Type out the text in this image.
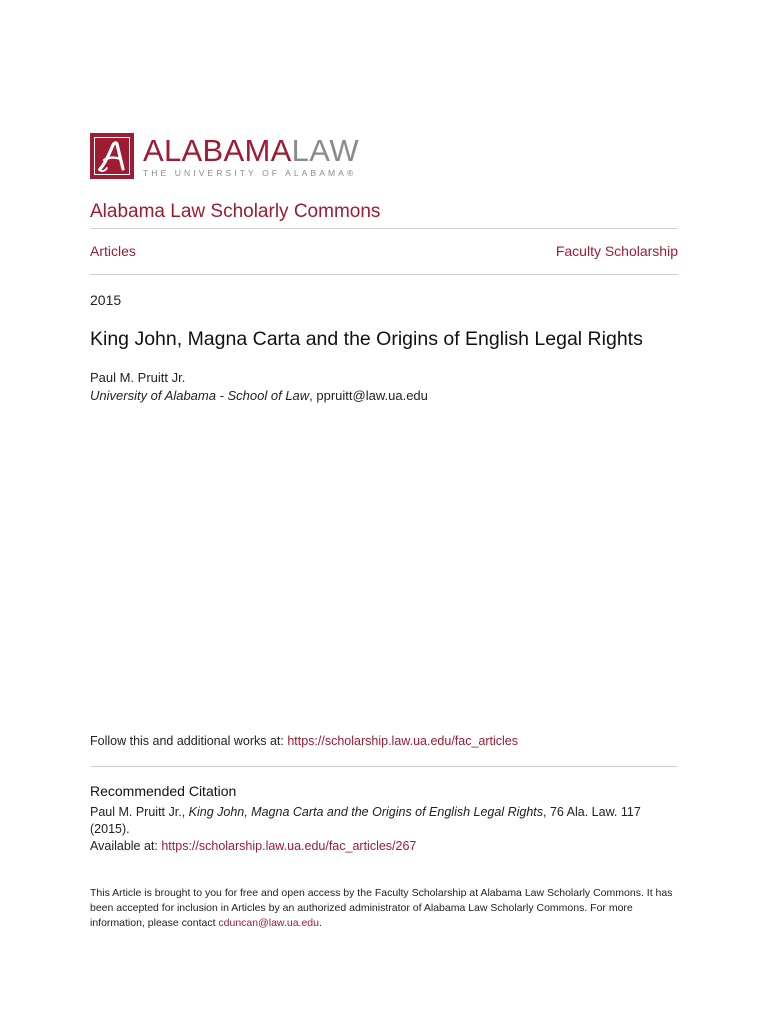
ALABAMALAW
THE UNIVERSITY OF ALABAMA®
Alabama Law Scholarly Commons
Articles	Faculty Scholarship
2015
King John, Magna Carta and the Origins of English Legal Rights
Paul M. Pruitt Jr.
University of Alabama - School of Law, ppruitt@law.ua.edu
Follow this and additional works at: https://scholarship.law.ua.edu/fac_articles
Recommended Citation
Paul M. Pruitt Jr., King John, Magna Carta and the Origins of English Legal Rights, 76 Ala. Law. 117 (2015).
Available at: https://scholarship.law.ua.edu/fac_articles/267
This Article is brought to you for free and open access by the Faculty Scholarship at Alabama Law Scholarly Commons. It has been accepted for inclusion in Articles by an authorized administrator of Alabama Law Scholarly Commons. For more information, please contact cduncan@law.ua.edu.
